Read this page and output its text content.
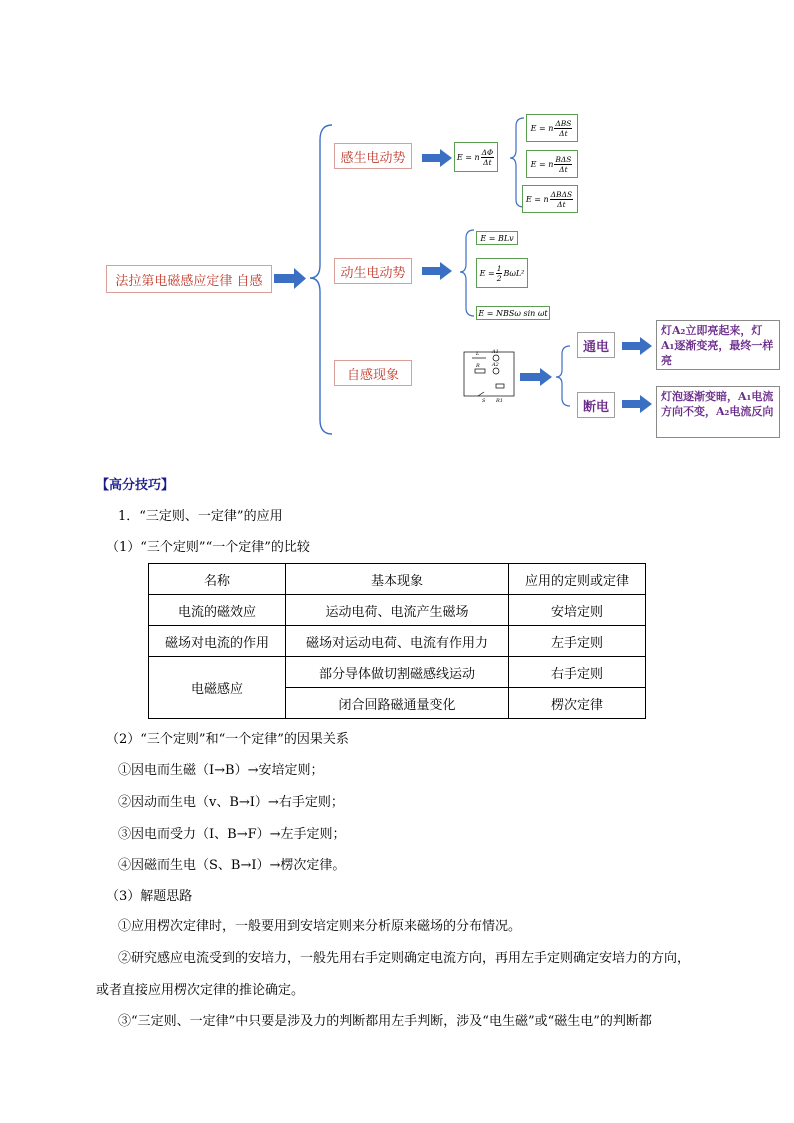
L	A1
R A2
S R1
法拉第电磁感应定律 自感
感生电动势
动生电动势
自感现象
E = n $\frac{\Delta\Phi}{\Delta t}$
E = n $\frac{\text{ΔBS}}{\Delta t}$
E = n $\frac{\text{BΔS}}{\Delta t}$
E = n $\frac{\text{ΔBΔS}}{\Delta t}$
E = BLv
$E = \frac{1}{2} B\omega L^2$
E = NBSω sin ωt
通电
断电
灯A₂立即亮起来，灯A₁逐渐变亮，最终一样亮
灯泡逐渐变暗，A₁电流方向不变，A₂电流反向
【高分技巧】
1．“三定则、一定律”的应用
（1）“三个定则”“一个定律”的比较
名称	基本现象	应用的定则或定律
电流的磁效应	运动电荷、电流产生磁场	安培定则
磁场对电流的作用	磁场对运动电荷、电流有作用力	左手定则
电磁感应	部分导体做切割磁感线运动	右手定则
	闭合回路磁通量变化	楞次定律
（2）“三个定则”和“一个定律”的因果关系
①因电而生磁（I→B）→安培定则；
②因动而生电（v、B→I）→右手定则；
③因电而受力（I、B→F）→左手定则；
④因磁而生电（S、B→I）→楞次定律。
（3）解题思路
①应用楞次定律时，一般要用到安培定则来分析原来磁场的分布情况。
②研究感应电流受到的安培力，一般先用右手定则确定电流方向，再用左手定则确定安培力的方向，
或者直接应用楞次定律的推论确定。
③“三定则、一定律”中只要是涉及力的判断都用左手判断，涉及“电生磁”或“磁生电”的判断都
